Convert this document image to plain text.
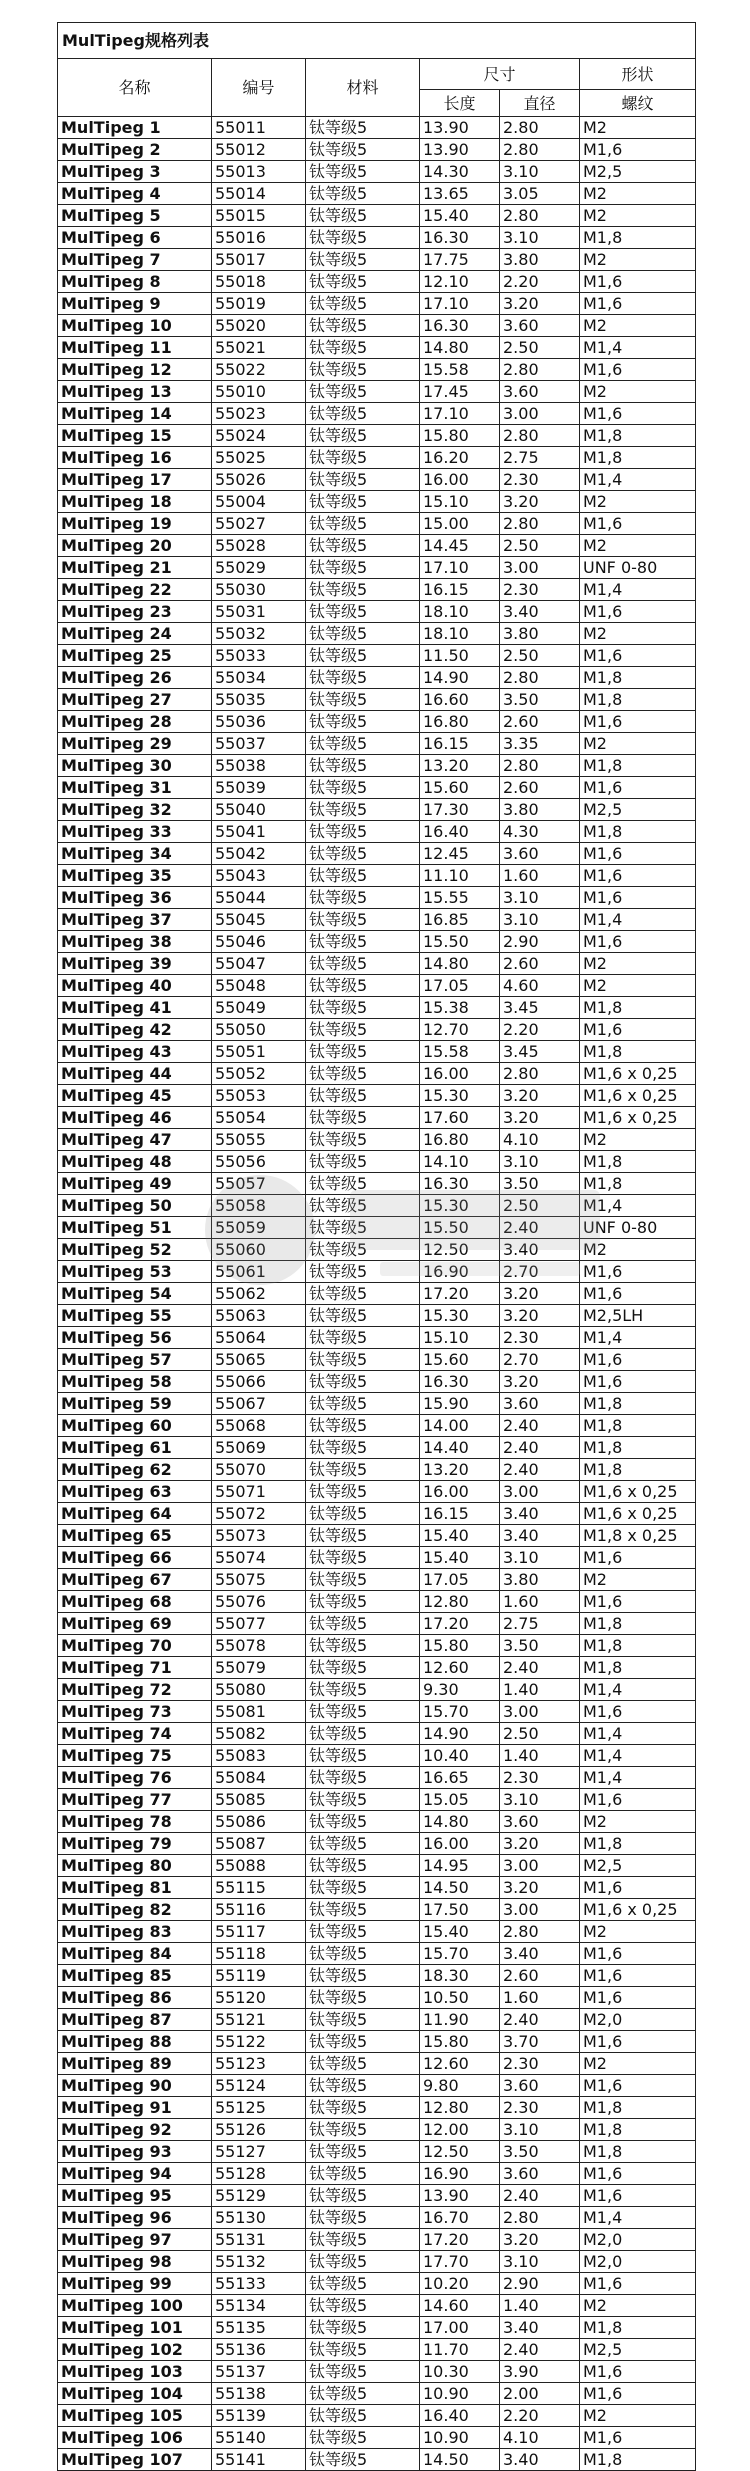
MulTipeg规格列表					
名称	编号	材料	尺寸		形状
			长度	直径	螺纹
MulTipeg 1	55011	钛等级5	13.90	2.80	M2
MulTipeg 2	55012	钛等级5	13.90	2.80	M1,6
MulTipeg 3	55013	钛等级5	14.30	3.10	M2,5
MulTipeg 4	55014	钛等级5	13.65	3.05	M2
MulTipeg 5	55015	钛等级5	15.40	2.80	M2
MulTipeg 6	55016	钛等级5	16.30	3.10	M1,8
MulTipeg 7	55017	钛等级5	17.75	3.80	M2
MulTipeg 8	55018	钛等级5	12.10	2.20	M1,6
MulTipeg 9	55019	钛等级5	17.10	3.20	M1,6
MulTipeg 10	55020	钛等级5	16.30	3.60	M2
MulTipeg 11	55021	钛等级5	14.80	2.50	M1,4
MulTipeg 12	55022	钛等级5	15.58	2.80	M1,6
MulTipeg 13	55010	钛等级5	17.45	3.60	M2
MulTipeg 14	55023	钛等级5	17.10	3.00	M1,6
MulTipeg 15	55024	钛等级5	15.80	2.80	M1,8
MulTipeg 16	55025	钛等级5	16.20	2.75	M1,8
MulTipeg 17	55026	钛等级5	16.00	2.30	M1,4
MulTipeg 18	55004	钛等级5	15.10	3.20	M2
MulTipeg 19	55027	钛等级5	15.00	2.80	M1,6
MulTipeg 20	55028	钛等级5	14.45	2.50	M2
MulTipeg 21	55029	钛等级5	17.10	3.00	UNF 0-80
MulTipeg 22	55030	钛等级5	16.15	2.30	M1,4
MulTipeg 23	55031	钛等级5	18.10	3.40	M1,6
MulTipeg 24	55032	钛等级5	18.10	3.80	M2
MulTipeg 25	55033	钛等级5	11.50	2.50	M1,6
MulTipeg 26	55034	钛等级5	14.90	2.80	M1,8
MulTipeg 27	55035	钛等级5	16.60	3.50	M1,8
MulTipeg 28	55036	钛等级5	16.80	2.60	M1,6
MulTipeg 29	55037	钛等级5	16.15	3.35	M2
MulTipeg 30	55038	钛等级5	13.20	2.80	M1,8
MulTipeg 31	55039	钛等级5	15.60	2.60	M1,6
MulTipeg 32	55040	钛等级5	17.30	3.80	M2,5
MulTipeg 33	55041	钛等级5	16.40	4.30	M1,8
MulTipeg 34	55042	钛等级5	12.45	3.60	M1,6
MulTipeg 35	55043	钛等级5	11.10	1.60	M1,6
MulTipeg 36	55044	钛等级5	15.55	3.10	M1,6
MulTipeg 37	55045	钛等级5	16.85	3.10	M1,4
MulTipeg 38	55046	钛等级5	15.50	2.90	M1,6
MulTipeg 39	55047	钛等级5	14.80	2.60	M2
MulTipeg 40	55048	钛等级5	17.05	4.60	M2
MulTipeg 41	55049	钛等级5	15.38	3.45	M1,8
MulTipeg 42	55050	钛等级5	12.70	2.20	M1,6
MulTipeg 43	55051	钛等级5	15.58	3.45	M1,8
MulTipeg 44	55052	钛等级5	16.00	2.80	M1,6 x 0,25
MulTipeg 45	55053	钛等级5	15.30	3.20	M1,6 x 0,25
MulTipeg 46	55054	钛等级5	17.60	3.20	M1,6 x 0,25
MulTipeg 47	55055	钛等级5	16.80	4.10	M2
MulTipeg 48	55056	钛等级5	14.10	3.10	M1,8
MulTipeg 49	55057	钛等级5	16.30	3.50	M1,8
MulTipeg 50	55058	钛等级5	15.30	2.50	M1,4
MulTipeg 51	55059	钛等级5	15.50	2.40	UNF 0-80
MulTipeg 52	55060	钛等级5	12.50	3.40	M2
MulTipeg 53	55061	钛等级5	16.90	2.70	M1,6
MulTipeg 54	55062	钛等级5	17.20	3.20	M1,6
MulTipeg 55	55063	钛等级5	15.30	3.20	M2,5LH
MulTipeg 56	55064	钛等级5	15.10	2.30	M1,4
MulTipeg 57	55065	钛等级5	15.60	2.70	M1,6
MulTipeg 58	55066	钛等级5	16.30	3.20	M1,6
MulTipeg 59	55067	钛等级5	15.90	3.60	M1,8
MulTipeg 60	55068	钛等级5	14.00	2.40	M1,8
MulTipeg 61	55069	钛等级5	14.40	2.40	M1,8
MulTipeg 62	55070	钛等级5	13.20	2.40	M1,8
MulTipeg 63	55071	钛等级5	16.00	3.00	M1,6 x 0,25
MulTipeg 64	55072	钛等级5	16.15	3.40	M1,6 x 0,25
MulTipeg 65	55073	钛等级5	15.40	3.40	M1,8 x 0,25
MulTipeg 66	55074	钛等级5	15.40	3.10	M1,6
MulTipeg 67	55075	钛等级5	17.05	3.80	M2
MulTipeg 68	55076	钛等级5	12.80	1.60	M1,6
MulTipeg 69	55077	钛等级5	17.20	2.75	M1,8
MulTipeg 70	55078	钛等级5	15.80	3.50	M1,8
MulTipeg 71	55079	钛等级5	12.60	2.40	M1,8
MulTipeg 72	55080	钛等级5	9.30	1.40	M1,4
MulTipeg 73	55081	钛等级5	15.70	3.00	M1,6
MulTipeg 74	55082	钛等级5	14.90	2.50	M1,4
MulTipeg 75	55083	钛等级5	10.40	1.40	M1,4
MulTipeg 76	55084	钛等级5	16.65	2.30	M1,4
MulTipeg 77	55085	钛等级5	15.05	3.10	M1,6
MulTipeg 78	55086	钛等级5	14.80	3.60	M2
MulTipeg 79	55087	钛等级5	16.00	3.20	M1,8
MulTipeg 80	55088	钛等级5	14.95	3.00	M2,5
MulTipeg 81	55115	钛等级5	14.50	3.20	M1,6
MulTipeg 82	55116	钛等级5	17.50	3.00	M1,6 x 0,25
MulTipeg 83	55117	钛等级5	15.40	2.80	M2
MulTipeg 84	55118	钛等级5	15.70	3.40	M1,6
MulTipeg 85	55119	钛等级5	18.30	2.60	M1,6
MulTipeg 86	55120	钛等级5	10.50	1.60	M1,6
MulTipeg 87	55121	钛等级5	11.90	2.40	M2,0
MulTipeg 88	55122	钛等级5	15.80	3.70	M1,6
MulTipeg 89	55123	钛等级5	12.60	2.30	M2
MulTipeg 90	55124	钛等级5	9.80	3.60	M1,6
MulTipeg 91	55125	钛等级5	12.80	2.30	M1,8
MulTipeg 92	55126	钛等级5	12.00	3.10	M1,8
MulTipeg 93	55127	钛等级5	12.50	3.50	M1,8
MulTipeg 94	55128	钛等级5	16.90	3.60	M1,6
MulTipeg 95	55129	钛等级5	13.90	2.40	M1,6
MulTipeg 96	55130	钛等级5	16.70	2.80	M1,4
MulTipeg 97	55131	钛等级5	17.20	3.20	M2,0
MulTipeg 98	55132	钛等级5	17.70	3.10	M2,0
MulTipeg 99	55133	钛等级5	10.20	2.90	M1,6
MulTipeg 100	55134	钛等级5	14.60	1.40	M2
MulTipeg 101	55135	钛等级5	17.00	3.40	M1,8
MulTipeg 102	55136	钛等级5	11.70	2.40	M2,5
MulTipeg 103	55137	钛等级5	10.30	3.90	M1,6
MulTipeg 104	55138	钛等级5	10.90	2.00	M1,6
MulTipeg 105	55139	钛等级5	16.40	2.20	M2
MulTipeg 106	55140	钛等级5	10.90	4.10	M1,6
MulTipeg 107	55141	钛等级5	14.50	3.40	M1,8
